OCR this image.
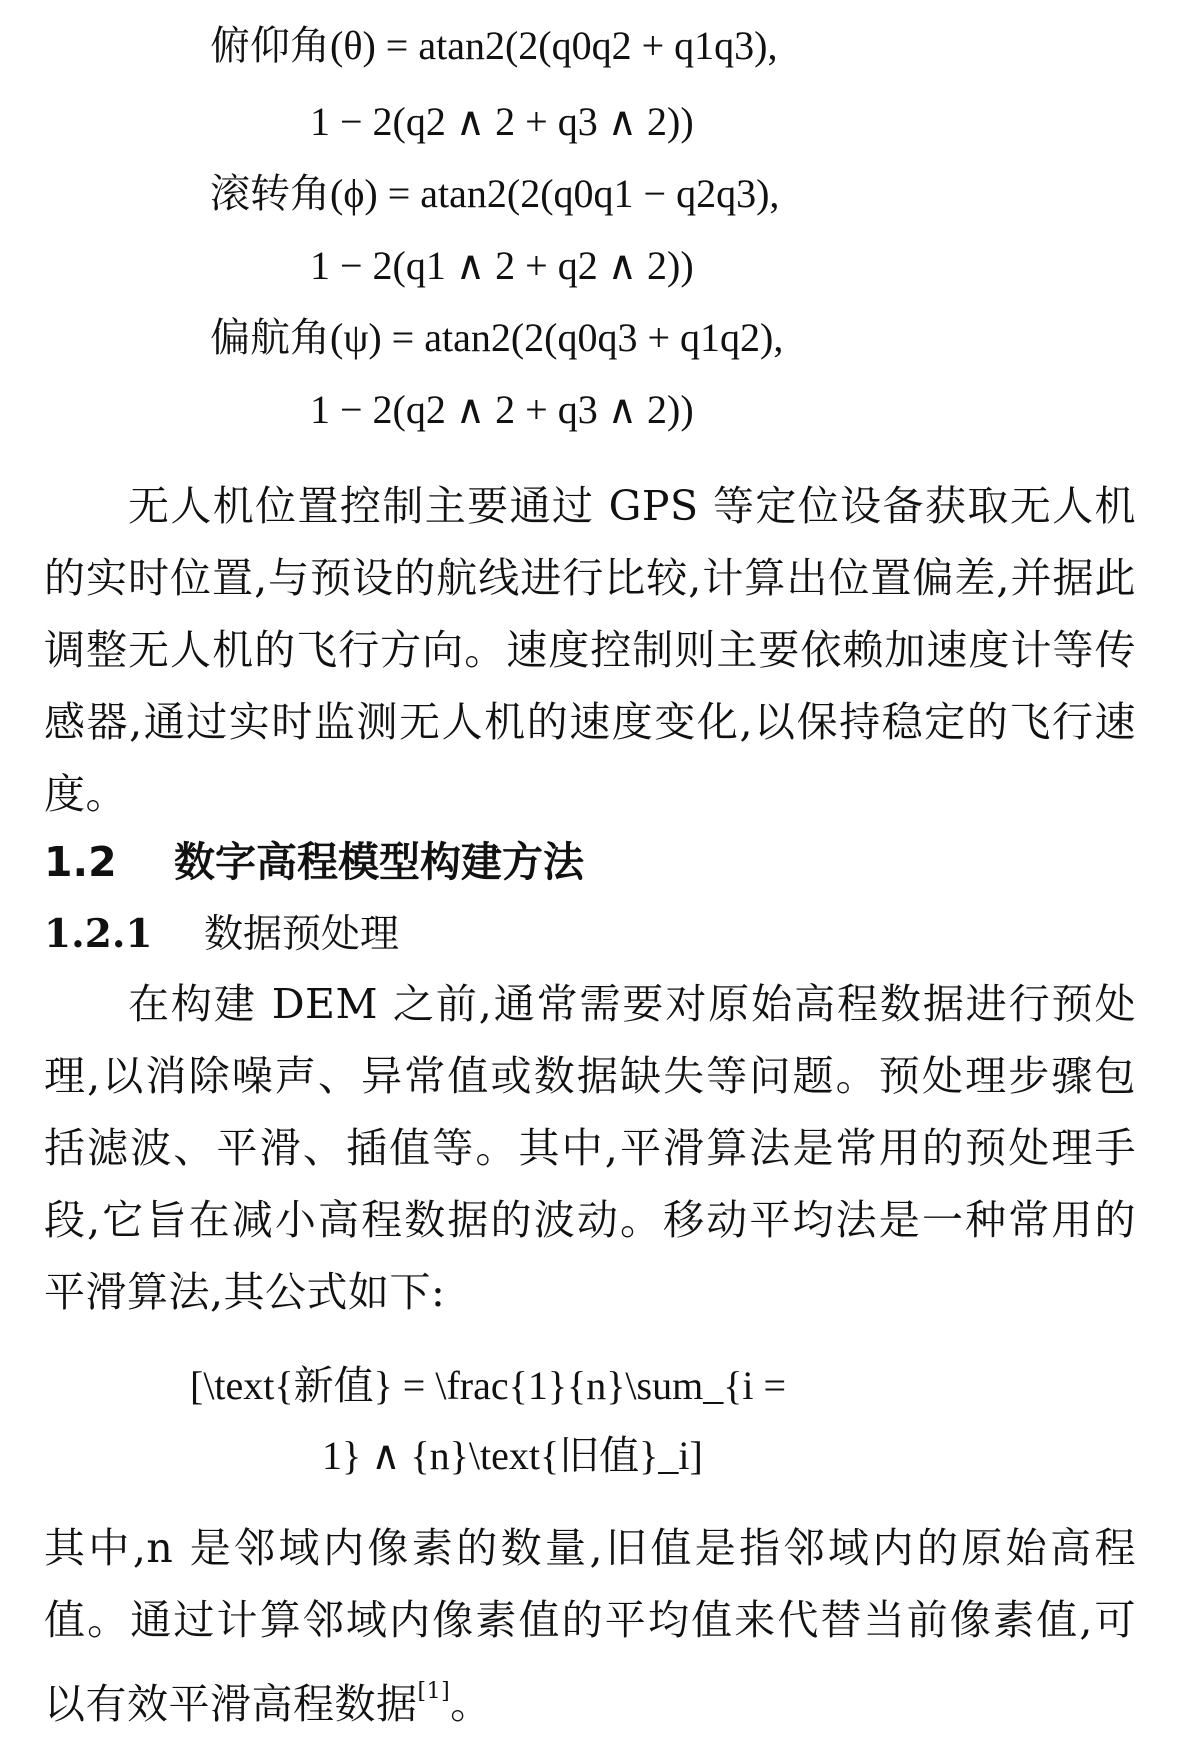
俯仰角(θ) = atan2(2(q0q2 + q1q3),
1 − 2(q2 ∧ 2 + q3 ∧ 2))
滚转角(ϕ) = atan2(2(q0q1 − q2q3),
1 − 2(q1 ∧ 2 + q2 ∧ 2))
偏航角(ψ) = atan2(2(q0q3 + q1q2),
1 − 2(q2 ∧ 2 + q3 ∧ 2))
无人机位置控制主要通过 GPS 等定位设备获取无人机的实时位置,与预设的航线进行比较,计算出位置偏差,并据此调整无人机的飞行方向。速度控制则主要依赖加速度计等传感器,通过实时监测无人机的速度变化,以保持稳定的飞行速度。
1.2 数字高程模型构建方法
1.2.1 数据预处理
在构建 DEM 之前,通常需要对原始高程数据进行预处理,以消除噪声、异常值或数据缺失等问题。预处理步骤包括滤波、平滑、插值等。其中,平滑算法是常用的预处理手段,它旨在减小高程数据的波动。移动平均法是一种常用的平滑算法,其公式如下:
[\text{新值} = \frac{1}{n}\sum_{i =
1} ∧ {n}\text{旧值}_i]
其中,n 是邻域内像素的数量,旧值是指邻域内的原始高程值。通过计算邻域内像素值的平均值来代替当前像素值,可以有效平滑高程数据[1]。
